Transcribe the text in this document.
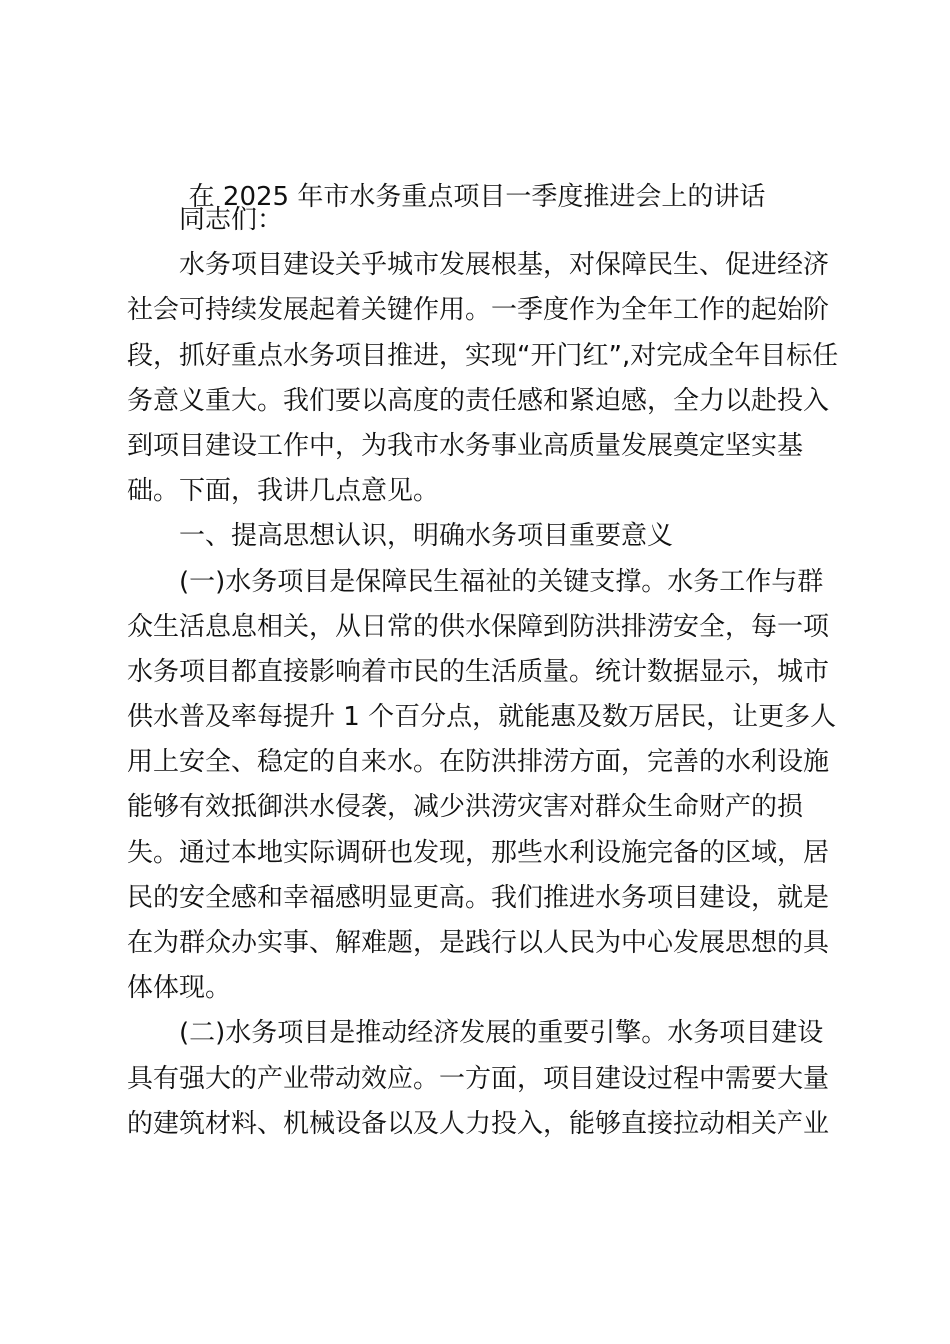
在 2025 年市水务重点项目一季度推进会上的讲话
同志们：
水务项目建设关乎城市发展根基，对保障民生、促进经济
社会可持续发展起着关键作用。一季度作为全年工作的起始阶
段，抓好重点水务项目推进，实现“开门红”,对完成全年目标任
务意义重大。我们要以高度的责任感和紧迫感，全力以赴投入
到项目建设工作中，为我市水务事业高质量发展奠定坚实基
础。下面，我讲几点意见。
一、提高思想认识，明确水务项目重要意义
(一)水务项目是保障民生福祉的关键支撑。水务工作与群
众生活息息相关，从日常的供水保障到防洪排涝安全，每一项
水务项目都直接影响着市民的生活质量。统计数据显示，城市
供水普及率每提升 1 个百分点，就能惠及数万居民，让更多人
用上安全、稳定的自来水。在防洪排涝方面，完善的水利设施
能够有效抵御洪水侵袭，减少洪涝灾害对群众生命财产的损
失。通过本地实际调研也发现，那些水利设施完备的区域，居
民的安全感和幸福感明显更高。我们推进水务项目建设，就是
在为群众办实事、解难题，是践行以人民为中心发展思想的具
体体现。
(二)水务项目是推动经济发展的重要引擎。水务项目建设
具有强大的产业带动效应。一方面，项目建设过程中需要大量
的建筑材料、机械设备以及人力投入，能够直接拉动相关产业
